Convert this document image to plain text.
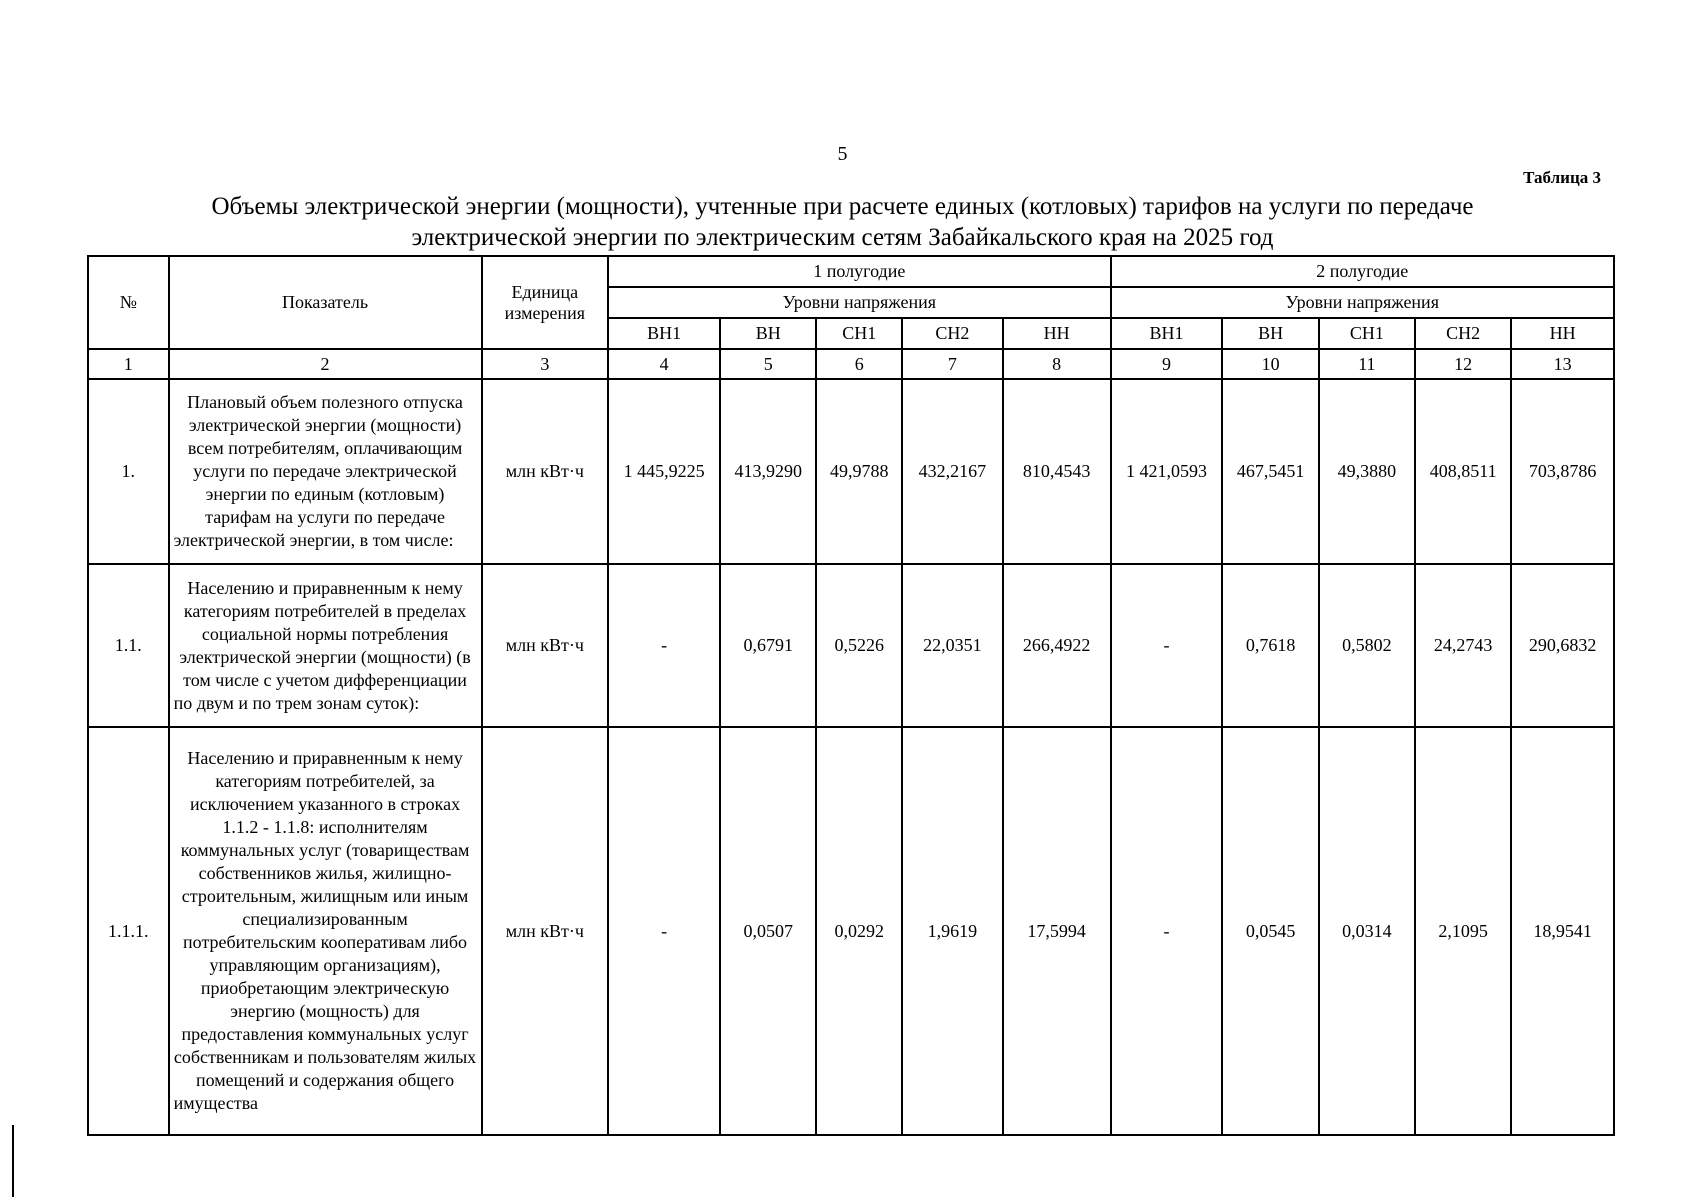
5
Таблица 3
Объемы электрической энергии (мощности), учтенные при расчете единых (котловых) тарифов на услуги по передаче
электрической энергии по электрическим сетям Забайкальского края на 2025 год
№	Показатель	Единица измерения	1 полугодие					2 полугодие				
			Уровни напряжения					Уровни напряжения				
			ВН1	ВН	СН1	СН2	НН	ВН1	ВН	СН1	СН2	НН
1	2	3	4	5	6	7	8	9	10	11	12	13
1.	Плановый объем полезного отпуска электрической энергии (мощности) всем потребителям, оплачивающим услуги по передаче электрической энергии по единым (котловым) тарифам на услуги по передаче электрической энергии, в том числе:	млн кВт·ч	1 445,9225	413,9290	49,9788	432,2167	810,4543	1 421,0593	467,5451	49,3880	408,8511	703,8786
1.1.	Населению и приравненным к нему категориям потребителей в пределах социальной нормы потребления электрической энергии (мощности) (в том числе с учетом дифференциации по двум и по трем зонам суток):	млн кВт·ч	-	0,6791	0,5226	22,0351	266,4922	-	0,7618	0,5802	24,2743	290,6832
1.1.1.	Населению и приравненным к нему категориям потребителей, за исключением указанного в строках 1.1.2 - 1.1.8: исполнителям коммунальных услуг (товариществам собственников жилья, жилищно-строительным, жилищным или иным специализированным потребительским кооперативам либо управляющим организациям), приобретающим электрическую энергию (мощность) для предоставления коммунальных услуг собственникам и пользователям жилых помещений и содержания общего имущества	млн кВт·ч	-	0,0507	0,0292	1,9619	17,5994	-	0,0545	0,0314	2,1095	18,9541
